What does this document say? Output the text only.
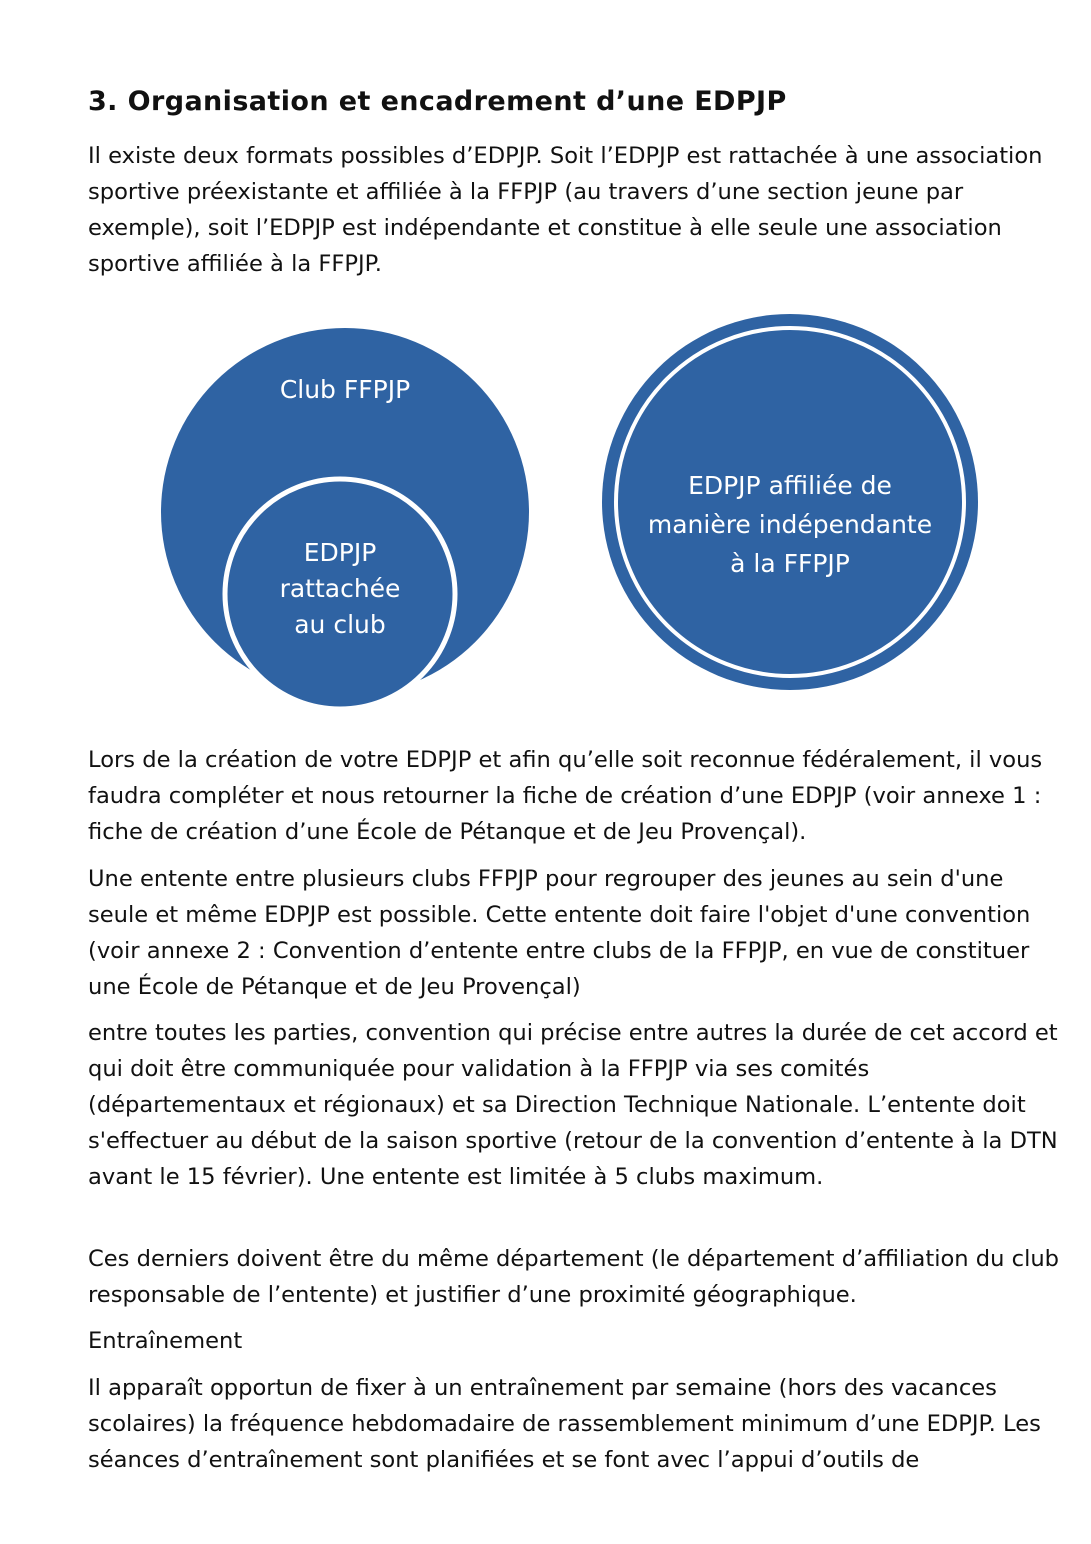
3. Organisation et encadrement d’une EDPJP

Il existe deux formats possibles d’EDPJP. Soit l’EDPJP est rattachée à une association sportive préexistante et affiliée à la FFPJP (au travers d’une section jeune par exemple), soit l’EDPJP est indépendante et constitue à elle seule une association sportive affiliée à la FFPJP.

Club FFPJP
EDPJP
rattachée
au club
EDPJP affiliée de
manière indépendante
à la FFPJP

Lors de la création de votre EDPJP et afin qu’elle soit reconnue fédéralement, il vous faudra compléter et nous retourner la fiche de création d’une EDPJP (voir annexe 1 : fiche de création d’une École de Pétanque et de Jeu Provençal).

Une entente entre plusieurs clubs FFPJP pour regrouper des jeunes au sein d'une seule et même EDPJP est possible. Cette entente doit faire l'objet d'une convention (voir annexe 2 : Convention d’entente entre clubs de la FFPJP, en vue de constituer une École de Pétanque et de Jeu Provençal)

entre toutes les parties, convention qui précise entre autres la durée de cet accord et qui doit être communiquée pour validation à la FFPJP via ses comités (départementaux et régionaux) et sa Direction Technique Nationale. L’entente doit s'effectuer au début de la saison sportive (retour de la convention d’entente à la DTN avant le 15 février). Une entente est limitée à 5 clubs maximum.

Ces derniers doivent être du même département (le département d’affiliation du club responsable de l’entente) et justifier d’une proximité géographique.

Entraînement

Il apparaît opportun de fixer à un entraînement par semaine (hors des vacances scolaires) la fréquence hebdomadaire de rassemblement minimum d’une EDPJP. Les séances d’entraînement sont planifiées et se font avec l’appui d’outils de
